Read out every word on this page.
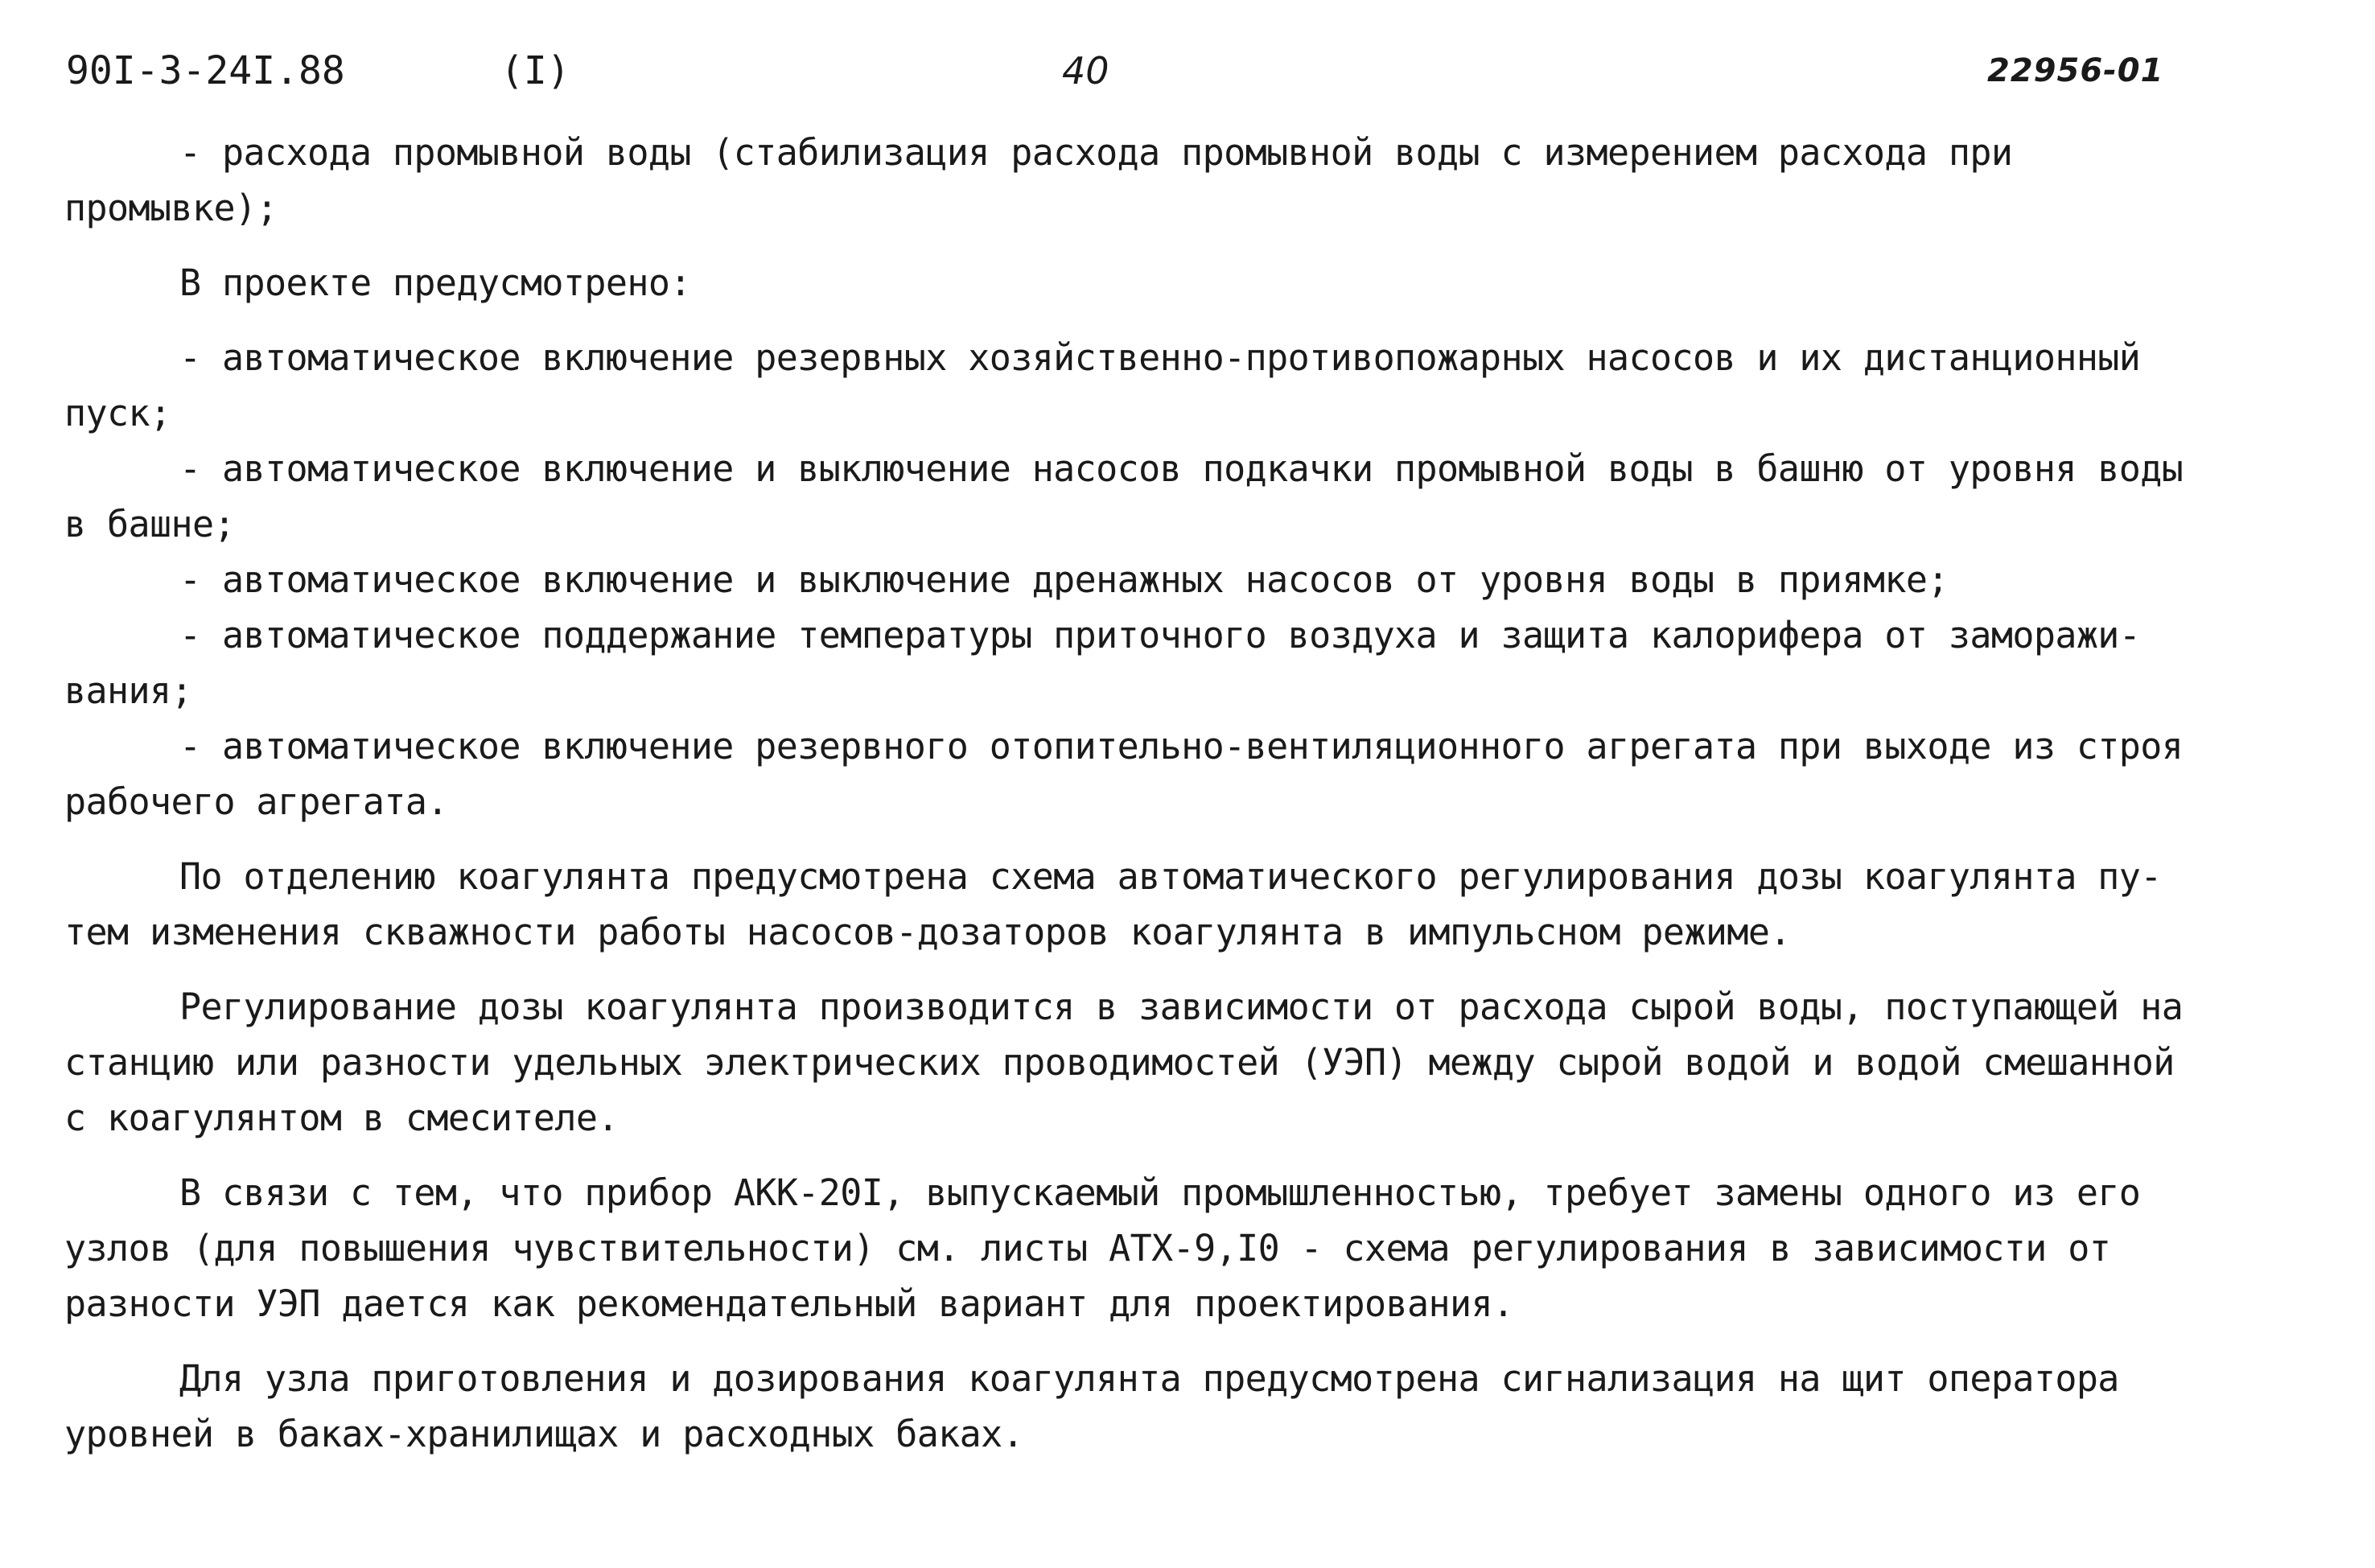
90I-3-24I.88	(I)	40	22956-01
- расхода промывной воды (стабилизация расхода промывной воды с измерением расхода при
промывке);
В проекте предусмотрено:
- автоматическое включение резервных хозяйственно-противопожарных насосов и их дистанционный
пуск;
- автоматическое включение и выключение насосов подкачки промывной воды в башню от уровня воды
в башне;
- автоматическое включение и выключение дренажных насосов от уровня воды в приямке;
- автоматическое поддержание температуры приточного воздуха и защита калорифера от заморажи-
вания;
- автоматическое включение резервного отопительно-вентиляционного агрегата при выходе из строя
рабочего агрегата.
По отделению коагулянта предусмотрена схема автоматического регулирования дозы коагулянта пу-
тем изменения скважности работы насосов-дозаторов коагулянта в импульсном режиме.
Регулирование дозы коагулянта производится в зависимости от расхода сырой воды, поступающей на
станцию или разности удельных электрических проводимостей (УЭП) между сырой водой и водой смешанной
с коагулянтом в смесителе.
В связи с тем, что прибор АКК-20I, выпускаемый промышленностью, требует замены одного из его
узлов (для повышения чувствительности) см. листы АТХ-9,I0 - схема регулирования в зависимости от
разности УЭП дается как рекомендательный вариант для проектирования.
Для узла приготовления и дозирования коагулянта предусмотрена сигнализация на щит оператора
уровней в баках-хранилищах и расходных баках.
